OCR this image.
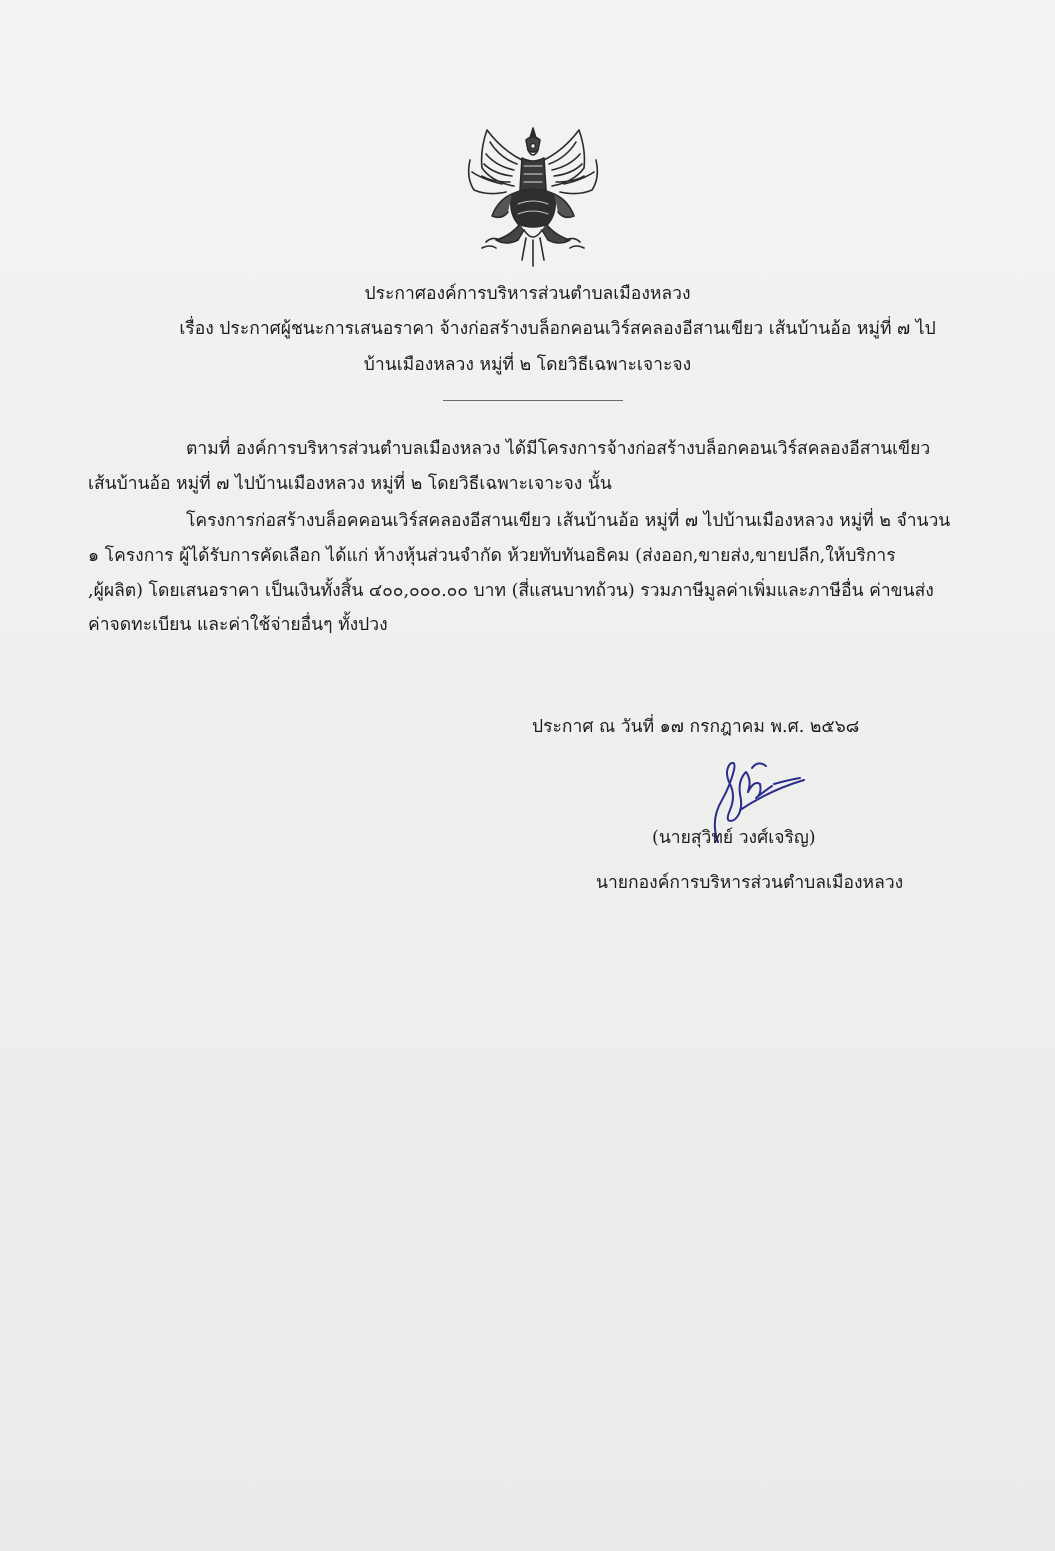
ประกาศองค์การบริหารส่วนตำบลเมืองหลวง
เรื่อง ประกาศผู้ชนะการเสนอราคา จ้างก่อสร้างบล็อกคอนเวิร์สคลองอีสานเขียว เส้นบ้านอ้อ หมู่ที่ ๗ ไป
บ้านเมืองหลวง หมู่ที่ ๒ โดยวิธีเฉพาะเจาะจง
ตามที่ องค์การบริหารส่วนตำบลเมืองหลวง ได้มีโครงการจ้างก่อสร้างบล็อกคอนเวิร์สคลองอีสานเขียว
เส้นบ้านอ้อ หมู่ที่ ๗ ไปบ้านเมืองหลวง หมู่ที่ ๒ โดยวิธีเฉพาะเจาะจง นั้น
โครงการก่อสร้างบล็อคคอนเวิร์สคลองอีสานเขียว เส้นบ้านอ้อ หมู่ที่ ๗ ไปบ้านเมืองหลวง หมู่ที่ ๒ จำนวน
๑ โครงการ ผู้ได้รับการคัดเลือก ได้แก่ ห้างหุ้นส่วนจำกัด ห้วยทับทันอธิคม (ส่งออก,ขายส่ง,ขายปลีก,ให้บริการ
,ผู้ผลิต) โดยเสนอราคา เป็นเงินทั้งสิ้น ๔๐๐,๐๐๐.๐๐ บาท (สี่แสนบาทถ้วน) รวมภาษีมูลค่าเพิ่มและภาษีอื่น ค่าขนส่ง
ค่าจดทะเบียน และค่าใช้จ่ายอื่นๆ ทั้งปวง
ประกาศ ณ วันที่ ๑๗ กรกฎาคม พ.ศ. ๒๕๖๘
(นายสุวิทย์ วงศ์เจริญ)
นายกองค์การบริหารส่วนตำบลเมืองหลวง
